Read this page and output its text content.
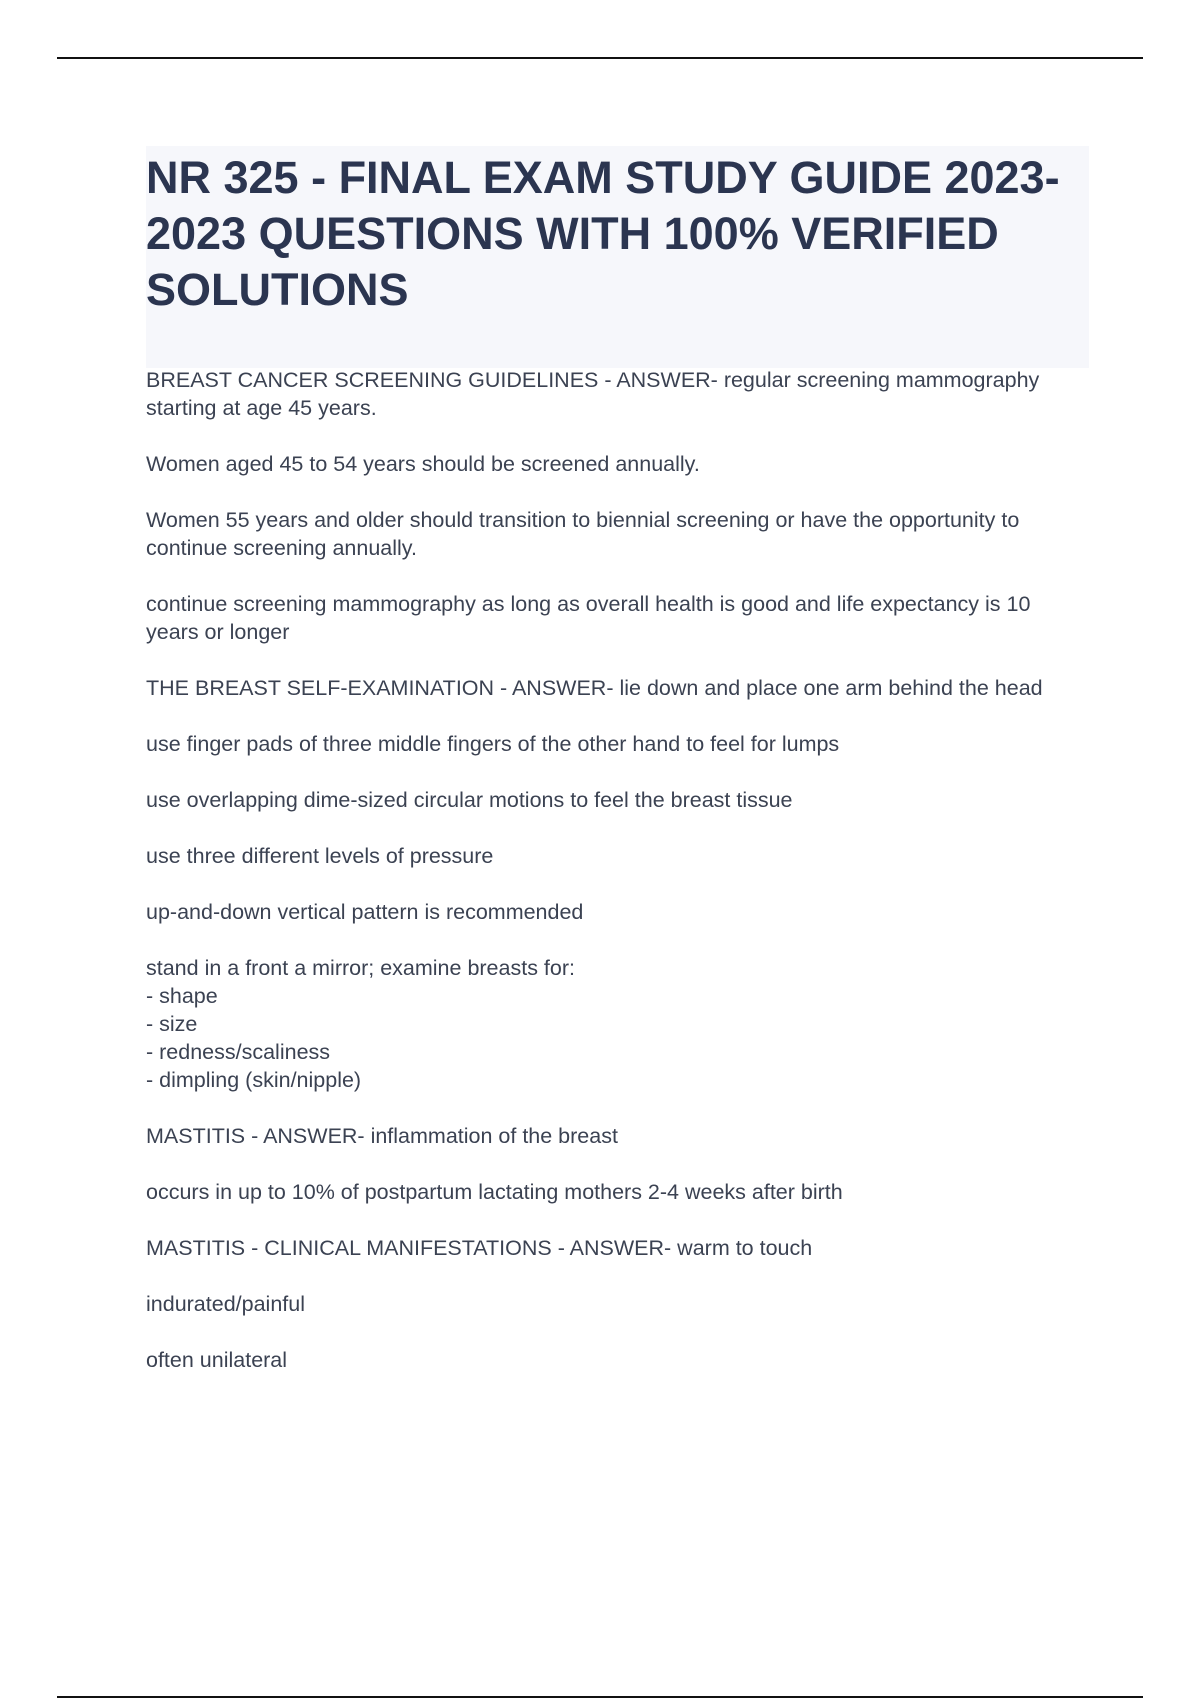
NR 325 - FINAL EXAM STUDY GUIDE 2023-2023 QUESTIONS WITH 100% VERIFIED SOLUTIONS

BREAST CANCER SCREENING GUIDELINES - ANSWER- regular screening mammography starting at age 45 years.

Women aged 45 to 54 years should be screened annually.

Women 55 years and older should transition to biennial screening or have the opportunity to continue screening annually.

continue screening mammography as long as overall health is good and life expectancy is 10 years or longer

THE BREAST SELF-EXAMINATION - ANSWER- lie down and place one arm behind the head

use finger pads of three middle fingers of the other hand to feel for lumps

use overlapping dime-sized circular motions to feel the breast tissue

use three different levels of pressure

up-and-down vertical pattern is recommended

stand in a front a mirror; examine breasts for:
- shape
- size
- redness/scaliness
- dimpling (skin/nipple)

MASTITIS - ANSWER- inflammation of the breast

occurs in up to 10% of postpartum lactating mothers 2-4 weeks after birth

MASTITIS - CLINICAL MANIFESTATIONS - ANSWER- warm to touch

indurated/painful

often unilateral
